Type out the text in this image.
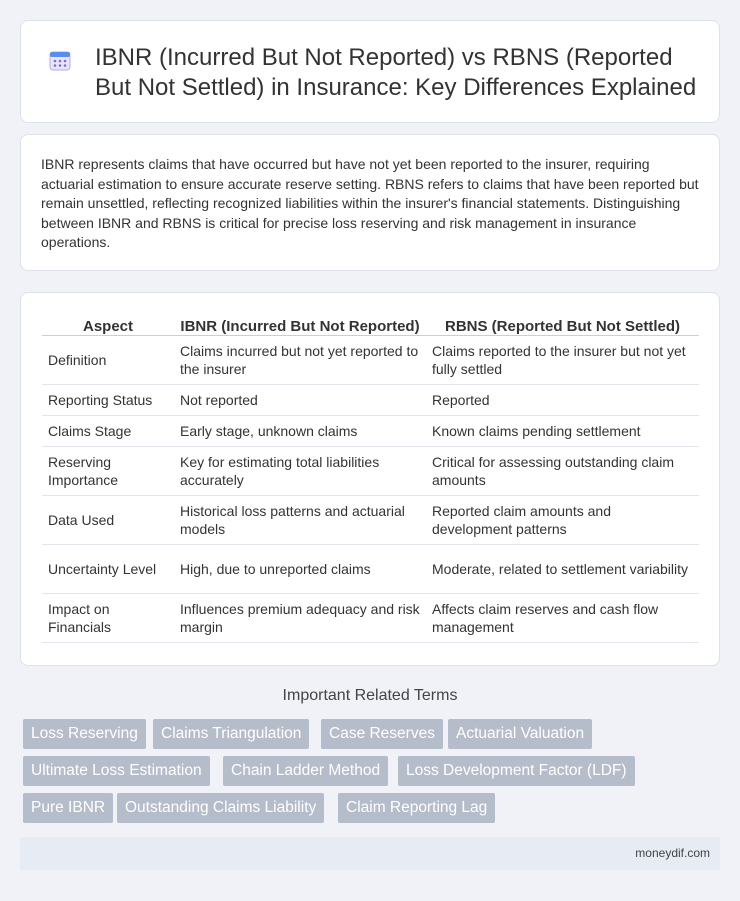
IBNR (Incurred But Not Reported) vs RBNS (Reported But Not Settled) in Insurance: Key Differences Explained

IBNR represents claims that have occurred but have not yet been reported to the insurer, requiring actuarial estimation to ensure accurate reserve setting. RBNS refers to claims that have been reported but remain unsettled, reflecting recognized liabilities within the insurer's financial statements. Distinguishing between IBNR and RBNS is critical for precise loss reserving and risk management in insurance operations.

Aspect	IBNR (Incurred But Not Reported)	RBNS (Reported But Not Settled)
Definition	Claims incurred but not yet reported to the insurer	Claims reported to the insurer but not yet fully settled
Reporting Status	Not reported	Reported
Claims Stage	Early stage, unknown claims	Known claims pending settlement
Reserving Importance	Key for estimating total liabilities accurately	Critical for assessing outstanding claim amounts
Data Used	Historical loss patterns and actuarial models	Reported claim amounts and development patterns
Uncertainty Level	High, due to unreported claims	Moderate, related to settlement variability
Impact on Financials	Influences premium adequacy and risk margin	Affects claim reserves and cash flow management
Important Related Terms
Loss Reserving	Claims Triangulation	Case Reserves	Actuarial Valuation
Ultimate Loss Estimation	Chain Ladder Method	Loss Development Factor (LDF)
Pure IBNR	Outstanding Claims Liability	Claim Reporting Lag
moneydif.com
